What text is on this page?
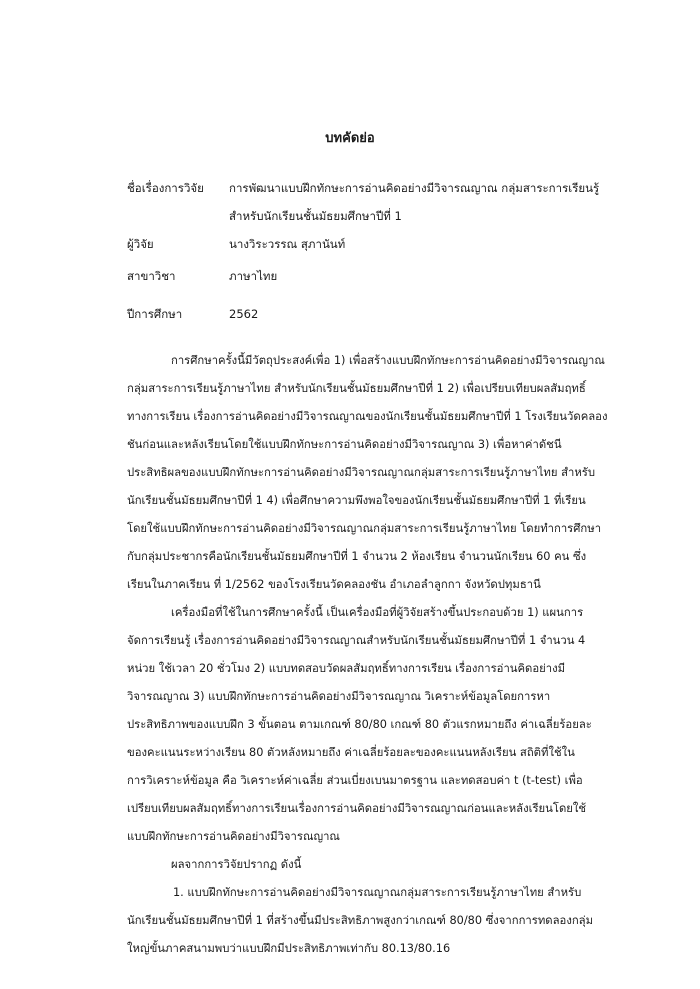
บทคัดย่อ
ชื่อเรื่องการวิจัย	การพัฒนาแบบฝึกทักษะการอ่านคิดอย่างมีวิจารณญาณ กลุ่มสาระการเรียนรู้
สำหรับนักเรียนชั้นมัธยมศึกษาปีที่ 1
ผู้วิจัย	นางวิระวรรณ สุภานันท์
สาขาวิชา	ภาษาไทย
ปีการศึกษา	2562
การศึกษาครั้งนี้มีวัตถุประสงค์เพื่อ 1) เพื่อสร้างแบบฝึกทักษะการอ่านคิดอย่างมีวิจารณญาณ
กลุ่มสาระการเรียนรู้ภาษาไทย สำหรับนักเรียนชั้นมัธยมศึกษาปีที่ 1 2) เพื่อเปรียบเทียบผลสัมฤทธิ์
ทางการเรียน เรื่องการอ่านคิดอย่างมีวิจารณญาณของนักเรียนชั้นมัธยมศึกษาปีที่ 1 โรงเรียนวัดคลอง
ชันก่อนและหลังเรียนโดยใช้แบบฝึกทักษะการอ่านคิดอย่างมีวิจารณญาณ 3) เพื่อหาค่าดัชนี
ประสิทธิผลของแบบฝึกทักษะการอ่านคิดอย่างมีวิจารณญาณกลุ่มสาระการเรียนรู้ภาษาไทย สำหรับ
นักเรียนชั้นมัธยมศึกษาปีที่ 1 4) เพื่อศึกษาความพึงพอใจของนักเรียนชั้นมัธยมศึกษาปีที่ 1 ที่เรียน
โดยใช้แบบฝึกทักษะการอ่านคิดอย่างมีวิจารณญาณกลุ่มสาระการเรียนรู้ภาษาไทย โดยทำการศึกษา
กับกลุ่มประชากรคือนักเรียนชั้นมัธยมศึกษาปีที่ 1 จำนวน 2 ห้องเรียน จำนวนนักเรียน 60 คน ซึ่ง
เรียนในภาคเรียน ที่ 1/2562 ของโรงเรียนวัดคลองชัน อำเภอลำลูกกา จังหวัดปทุมธานี
เครื่องมือที่ใช้ในการศึกษาครั้งนี้ เป็นเครื่องมือที่ผู้วิจัยสร้างขึ้นประกอบด้วย 1) แผนการ
จัดการเรียนรู้ เรื่องการอ่านคิดอย่างมีวิจารณญาณสำหรับนักเรียนชั้นมัธยมศึกษาปีที่ 1 จำนวน 4
หน่วย ใช้เวลา 20 ชั่วโมง 2) แบบทดสอบวัดผลสัมฤทธิ์ทางการเรียน เรื่องการอ่านคิดอย่างมี
วิจารณญาณ 3) แบบฝึกทักษะการอ่านคิดอย่างมีวิจารณญาณ วิเคราะห์ข้อมูลโดยการหา
ประสิทธิภาพของแบบฝึก 3 ขั้นตอน ตามเกณฑ์ 80/80 เกณฑ์ 80 ตัวแรกหมายถึง ค่าเฉลี่ยร้อยละ
ของคะแนนระหว่างเรียน 80 ตัวหลังหมายถึง ค่าเฉลี่ยร้อยละของคะแนนหลังเรียน สถิติที่ใช้ใน
การวิเคราะห์ข้อมูล คือ วิเคราะห์ค่าเฉลี่ย ส่วนเบี่ยงเบนมาตรฐาน และทดสอบค่า t (t-test) เพื่อ
เปรียบเทียบผลสัมฤทธิ์ทางการเรียนเรื่องการอ่านคิดอย่างมีวิจารณญาณก่อนและหลังเรียนโดยใช้
แบบฝึกทักษะการอ่านคิดอย่างมีวิจารณญาณ
ผลจากการวิจัยปรากฏ ดังนี้
1. แบบฝึกทักษะการอ่านคิดอย่างมีวิจารณญาณกลุ่มสาระการเรียนรู้ภาษาไทย สำหรับ
นักเรียนชั้นมัธยมศึกษาปีที่ 1 ที่สร้างขึ้นมีประสิทธิภาพสูงกว่าเกณฑ์ 80/80 ซึ่งจากการทดลองกลุ่ม
ใหญ่ขั้นภาคสนามพบว่าแบบฝึกมีประสิทธิภาพเท่ากับ 80.13/80.16
